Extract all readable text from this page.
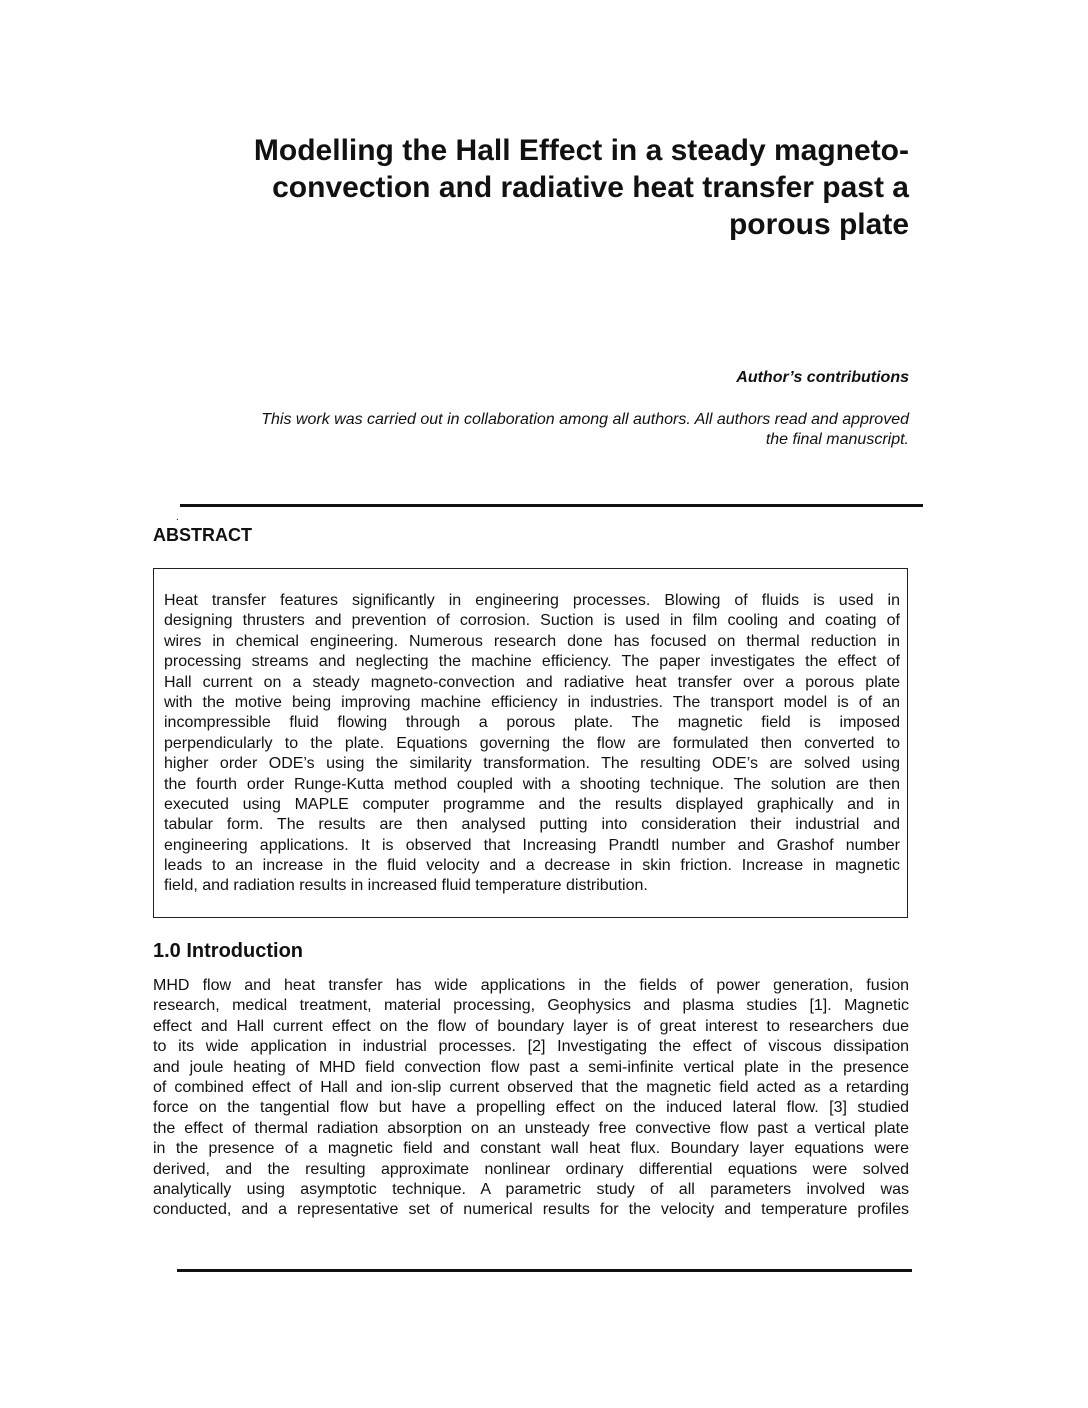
Modelling the Hall Effect in a steady magneto-
convection and radiative heat transfer past a
porous plate
Author’s contributions
This work was carried out in collaboration among all authors. All authors read and approved
the final manuscript.
.
ABSTRACT
Heat transfer features significantly in engineering processes. Blowing of fluids is used in
designing thrusters and prevention of corrosion. Suction is used in film cooling and coating of
wires in chemical engineering. Numerous research done has focused on thermal reduction in
processing streams and neglecting the machine efficiency. The paper investigates the effect of
Hall current on a steady magneto-convection and radiative heat transfer over a porous plate
with the motive being improving machine efficiency in industries. The transport model is of an
incompressible fluid flowing through a porous plate. The magnetic field is imposed
perpendicularly to the plate. Equations governing the flow are formulated then converted to
higher order ODE’s using the similarity transformation. The resulting ODE’s are solved using
the fourth order Runge-Kutta method coupled with a shooting technique. The solution are then
executed using MAPLE computer programme and the results displayed graphically and in
tabular form. The results are then analysed putting into consideration their industrial and
engineering applications. It is observed that Increasing Prandtl number and Grashof number
leads to an increase in the fluid velocity and a decrease in skin friction. Increase in magnetic
field, and radiation results in increased fluid temperature distribution.
1.0 Introduction
MHD flow and heat transfer has wide applications in the fields of power generation, fusion
research, medical treatment, material processing, Geophysics and plasma studies [1]. Magnetic
effect and Hall current effect on the flow of boundary layer is of great interest to researchers due
to its wide application in industrial processes. [2] Investigating the effect of viscous dissipation
and joule heating of MHD field convection flow past a semi-infinite vertical plate in the presence
of combined effect of Hall and ion-slip current observed that the magnetic field acted as a retarding
force on the tangential flow but have a propelling effect on the induced lateral flow. [3] studied
the effect of thermal radiation absorption on an unsteady free convective flow past a vertical plate
in the presence of a magnetic field and constant wall heat flux. Boundary layer equations were
derived, and the resulting approximate nonlinear ordinary differential equations were solved
analytically using asymptotic technique. A parametric study of all parameters involved was
conducted, and a representative set of numerical results for the velocity and temperature profiles
